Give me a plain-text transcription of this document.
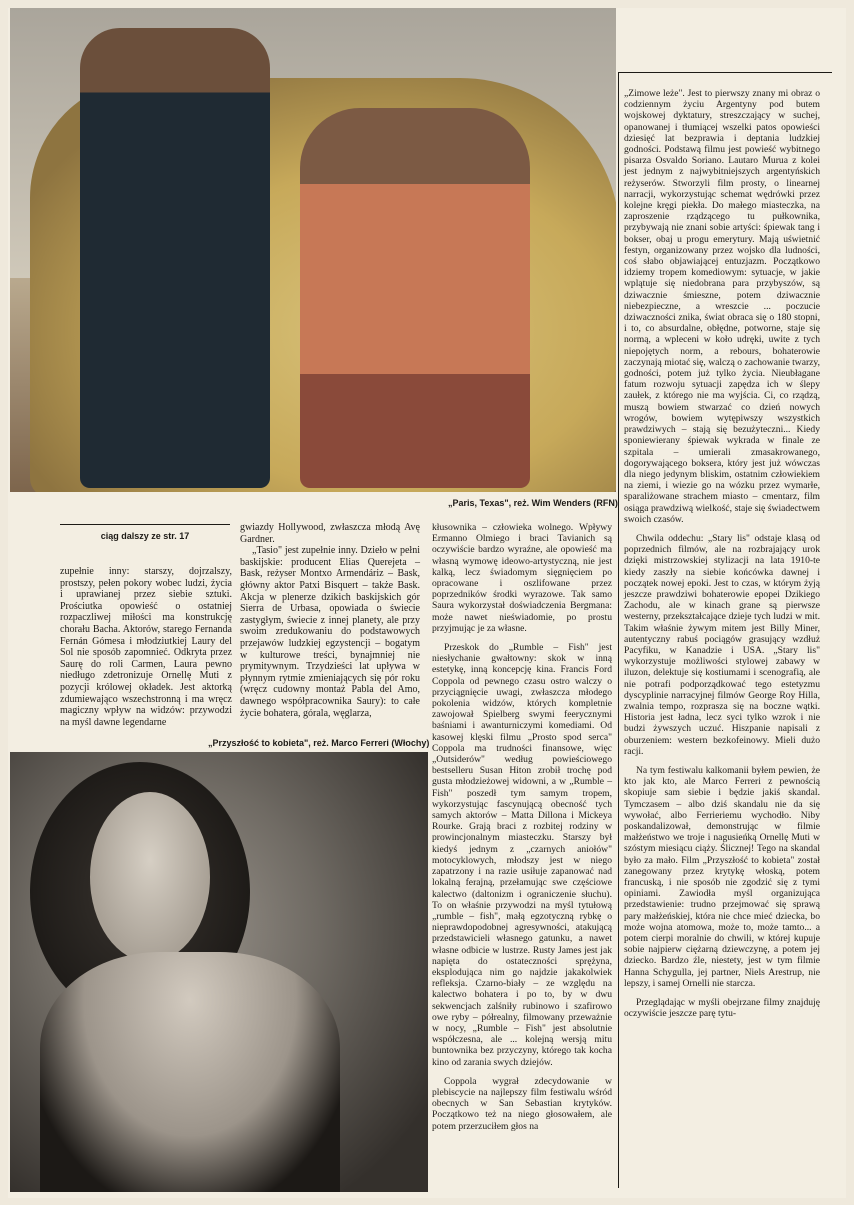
„Paris, Texas", reż. Wim Wenders (RFN)
ciąg dalszy ze str. 17

zupełnie inny: starszy, dojrzalszy, prostszy, pełen pokory wobec ludzi, życia i uprawianej przez siebie sztuki. Prościutka opowieść o ostatniej rozpaczliwej miłości ma konstrukcję chorału Bacha. Aktorów, starego Fernanda Fernán Gómesa i młodziutkiej Laury del Sol nie sposób zapomnieć. Odkryta przez Saurę do roli Carmen, Laura pewno niedługo zdetronizuje Ornellę Muti z pozycji królowej okładek. Jest aktorką zdumiewająco wszechstronną i ma wręcz magiczny wpływ na widzów: przywodzi na myśl dawne legendarne

gwiazdy Hollywood, zwłaszcza młodą Avę Gardner.

„Tasio" jest zupełnie inny. Dzieło w pełni baskijskie: producent Elias Querejeta – Bask, reżyser Montxo Armendáriz – Bask, główny aktor Patxi Bisquert – także Bask. Akcja w plenerze dzikich baskijskich gór Sierra de Urbasa, opowiada o świecie zastygłym, świecie z innej planety, ale przy swoim zredukowaniu do podstawowych przejawów ludzkiej egzystencji – bogatym w kulturowe treści, bynajmniej nie prymitywnym. Trzydzieści lat upływa w płynnym rytmie zmieniających się pór roku (wręcz cudowny montaż Pabla del Amo, dawnego współpracownika Saury): to całe życie bohatera, górala, węglarza,

„Przyszłość to kobieta", reż. Marco Ferreri (Włochy)

kłusownika – człowieka wolnego. Wpływy Ermanno Olmiego i braci Tavianich są oczywiście bardzo wyraźne, ale opowieść ma własną wymowę ideowo-artystyczną, nie jest kalką, lecz świadomym sięgnięciem po opracowane i oszlifowane przez poprzedników środki wyrazowe. Tak samo Saura wykorzystał doświadczenia Bergmana: może nawet nieświadomie, po prostu przyjmując je za własne.

Przeskok do „Rumble – Fish" jest niesłychanie gwałtowny: skok w inną estetykę, inną koncepcję kina. Francis Ford Coppola od pewnego czasu ostro walczy o przyciągnięcie uwagi, zwłaszcza młodego pokolenia widzów, których kompletnie zawojował Spielberg swymi feerycznymi baśniami i awanturniczymi komediami. Od kasowej klęski filmu „Prosto spod serca" Coppola ma trudności finansowe, więc „Outsiderów" według powieściowego bestselleru Susan Hiton zrobił trochę pod gusta młodzieżowej widowni, a w „Rumble – Fish" poszedł tym samym tropem, wykorzystując fascynującą obecność tych samych aktorów – Matta Dillona i Mickeya Rourke. Grają braci z rozbitej rodziny w prowincjonalnym miasteczku. Starszy był kiedyś jednym z „czarnych aniołów" motocyklowych, młodszy jest w niego zapatrzony i na razie usiłuje zapanować nad lokalną ferajną, przełamując swe częściowe kalectwo (daltonizm i ograniczenie słuchu). To on właśnie przywodzi na myśl tytułową „rumble – fish", małą egzotyczną rybkę o nieprawdopodobnej agresywności, atakującą przedstawicieli własnego gatunku, a nawet własne odbicie w lustrze. Rusty James jest jak napięta do ostateczności sprężyna, eksplodująca nim go najdzie jakakolwiek refleksja. Czarno-biały – ze względu na kalectwo bohatera i po to, by w dwu sekwencjach zalśniły rubinowo i szafirowo owe ryby – półrealny, filmowany przeważnie w nocy, „Rumble – Fish" jest absolutnie współczesna, ale ... kolejną wersją mitu buntownika bez przyczyny, którego tak kocha kino od zarania swych dziejów.

Coppola wygrał zdecydowanie w plebiscycie na najlepszy film festiwalu wśród obecnych w San Sebastian krytyków. Początkowo też na niego głosowałem, ale potem przerzuciłem głos na

„Zimowe leże". Jest to pierwszy znany mi obraz o codziennym życiu Argentyny pod butem wojskowej dyktatury, streszczający w suchej, opanowanej i tłumiącej wszelki patos opowieści dziesięć lat bezprawia i deptania ludzkiej godności. Podstawą filmu jest powieść wybitnego pisarza Osvaldo Soriano. Lautaro Murua z kolei jest jednym z najwybitniejszych argentyńskich reżyserów. Stworzyli film prosty, o linearnej narracji, wykorzystując schemat wędrówki przez kolejne kręgi piekła. Do małego miasteczka, na zaproszenie rządzącego tu pułkownika, przybywają nie znani sobie artyści: śpiewak tang i bokser, obaj u progu emerytury. Mają uświetnić festyn, organizowany przez wojsko dla ludności, coś słabo objawiającej entuzjazm. Początkowo idziemy tropem komediowym: sytuacje, w jakie wplątuje się niedobrana para przybyszów, są dziwacznie śmieszne, potem dziwacznie niebezpieczne, a wreszcie ... poczucie dziwaczności znika, świat obraca się o 180 stopni, i to, co absurdalne, obłędne, potworne, staje się normą, a wpleceni w koło udręki, uwite z tych niepojętych norm, a rebours, bohaterowie zaczynają miotać się, walczą o zachowanie twarzy, godności, potem już tylko życia. Nieubłagane fatum rozwoju sytuacji zapędza ich w ślepy zaułek, z którego nie ma wyjścia. Ci, co rządzą, muszą bowiem stwarzać co dzień nowych wrogów, bowiem wytępiwszy wszystkich prawdziwych – stają się bezużyteczni... Kiedy sponiewierany śpiewak wykrada w finale ze szpitala – umierali zmasakrowanego, dogorywającego boksera, który jest już wówczas dla niego jedynym bliskim, ostatnim człowiekiem na ziemi, i wiezie go na wózku przez wymarłe, sparaliżowane strachem miasto – cmentarz, film osiąga prawdziwą wielkość, staje się świadectwem swoich czasów.

Chwila oddechu: „Stary lis" odstaje klasą od poprzednich filmów, ale na rozbrajający urok dzięki mistrzowskiej stylizacji na lata 1910-te kiedy zaszły na siebie końcówka dawnej i początek nowej epoki. Jest to czas, w którym żyją jeszcze prawdziwi bohaterowie epopei Dzikiego Zachodu, ale w kinach grane są pierwsze westerny, przekształcające dzieje tych ludzi w mit. Takim właśnie żywym mitem jest Billy Miner, autentyczny rabuś pociągów grasujący wzdłuż Pacyfiku, w Kanadzie i USA. „Stary lis" wykorzystuje możliwości stylowej zabawy w iluzon, delektuje się kostiumami i scenografią, ale nie potrafi podporządkować tego estetyzmu dyscyplinie narracyjnej filmów George Roy Hilla, zwalnia tempo, rozprasza się na boczne wątki. Historia jest ładna, lecz syci tylko wzrok i nie budzi żywszych uczuć. Hiszpanie napisali z oburzeniem: western bezkofeinowy. Mieli dużo racji.

Na tym festiwalu kalkomanii byłem pewien, że kto jak kto, ale Marco Ferreri z pewnością skopiuje sam siebie i będzie jakiś skandal. Tymczasem – albo dziś skandalu nie da się wywołać, albo Ferrieriemu wychodło. Niby poskandalizował, demonstrując w filmie małżeństwo we troje i nagusieńką Ornellę Muti w szóstym miesiącu ciąży. Ślicznej! Tego na skandal było za mało. Film „Przyszłość to kobieta" został zanegowany przez krytykę włoską, potem francuską, i nie sposób nie zgodzić się z tymi opiniami. Zawiodła myśl organizująca przedstawienie: trudno przejmować się sprawą pary małżeńskiej, która nie chce mieć dziecka, bo może wojna atomowa, może to, może tamto... a potem cierpi moralnie do chwili, w której kupuje sobie najpierw ciężarną dziewczynę, a potem jej dziecko. Bardzo źle, niestety, jest w tym filmie Hanna Schygulla, jej partner, Niels Arestrup, nie lepszy, i samej Ornelli nie starcza.

Przeglądając w myśli obejrzane filmy znajduję oczywiście jeszcze parę tytu-
